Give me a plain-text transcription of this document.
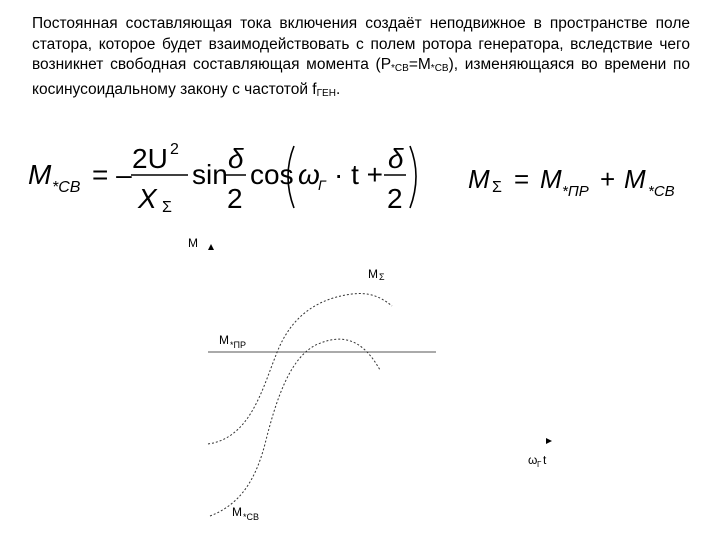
Постоянная составляющая тока включения создаёт неподвижное в пространстве поле статора, которое будет взаимодействовать с полем ротора генератора, вследствие чего возникнет свободная составляющая момента $(P_{*СВ}=M_{*СВ})$, изменяющаяся во времени по косинусоидальному закону с частотой $f_{ГЕН}$.
M *СВ = –
2U 2
X Σ
sin
δ
2
cos ω
Г · t +
δ
2
M Σ = M *ПР + M *СВ
M
M Σ
M *ПР
ω Г t
M *СВ
